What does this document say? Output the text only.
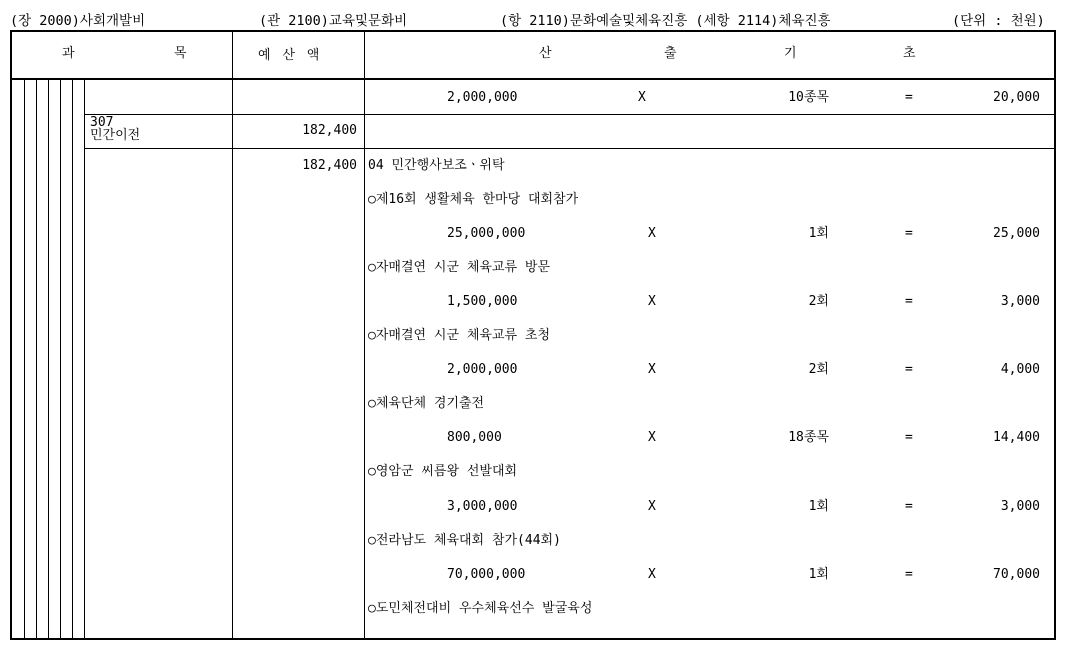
(장 2000)사회개발비	(관 2100)교육및문화비	(항 2110)문화예술및체육진흥 (세항 2114)체육진흥	(단위 : 천원)
과	목	예 산 액	산	출	기	초
2,000,000	X	10종목	=	20,000
307
민간이전	182,400
182,400 04 민간행사보조ㆍ위탁
○제16회 생활체육 한마당 대회참가
25,000,000	X	1회	=	25,000
○자매결연 시군 체육교류 방문
1,500,000	X	2회	=	3,000
○자매결연 시군 체육교류 초청
2,000,000	X	2회	=	4,000
○체육단체 경기출전
800,000	X	18종목	=	14,400
○영암군 씨름왕 선발대회
3,000,000	X	1회	=	3,000
○전라남도 체육대회 참가(44회)
70,000,000	X	1회	=	70,000
○도민체전대비 우수체육선수 발굴육성
